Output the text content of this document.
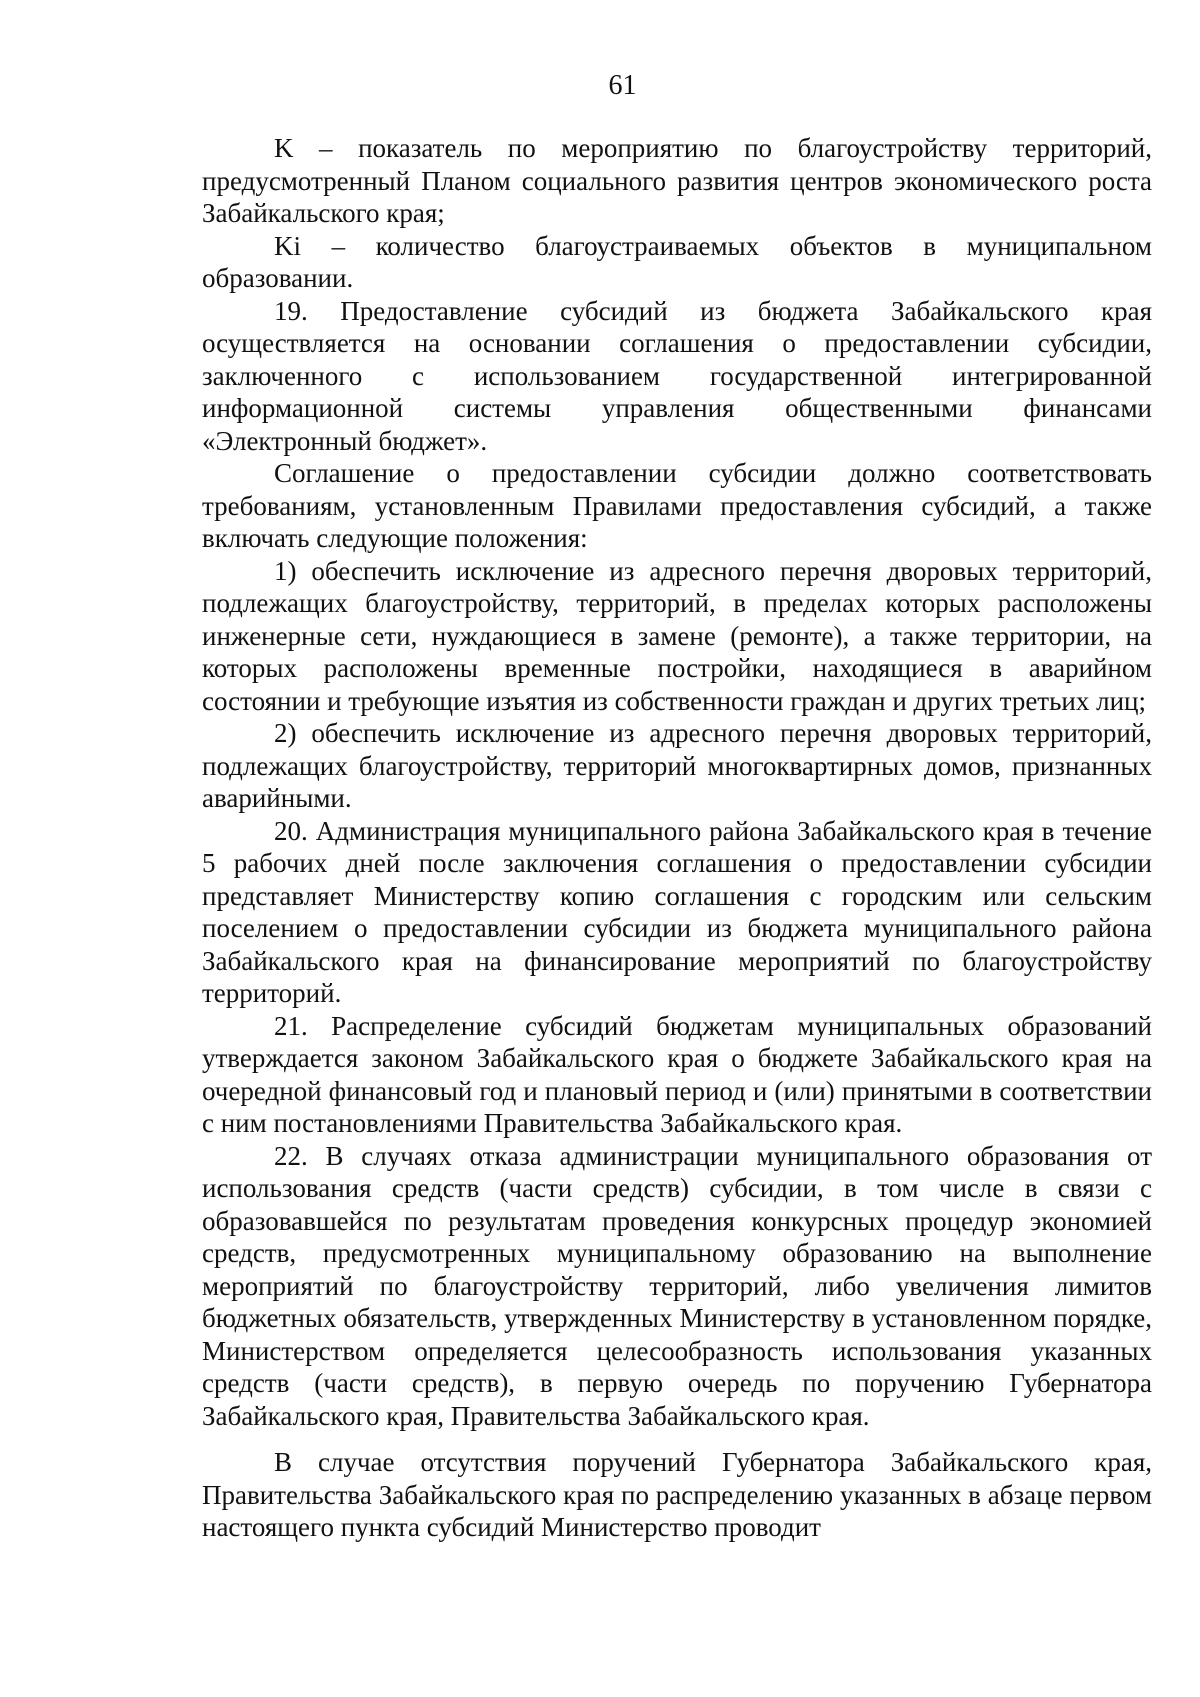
61

K – показатель по мероприятию по благоустройству территорий, предусмотренный Планом социального развития центров экономического роста Забайкальского края;

Ki – количество благоустраиваемых объектов в муниципальном образовании.

19. Предоставление субсидий из бюджета Забайкальского края осуществляется на основании соглашения о предоставлении субсидии, заключенного с использованием государственной интегрированной информационной системы управления общественными финансами «Электронный бюджет».

Соглашение о предоставлении субсидии должно соответствовать требованиям, установленным Правилами предоставления субсидий, а также включать следующие положения:

1) обеспечить исключение из адресного перечня дворовых территорий, подлежащих благоустройству, территорий, в пределах которых расположены инженерные сети, нуждающиеся в замене (ремонте), а также территории, на которых расположены временные постройки, находящиеся в аварийном состоянии и требующие изъятия из собственности граждан и других третьих лиц;

2) обеспечить исключение из адресного перечня дворовых территорий, подлежащих благоустройству, территорий многоквартирных домов, признанных аварийными.

20. Администрация муниципального района Забайкальского края в течение 5 рабочих дней после заключения соглашения о предоставлении субсидии представляет Министерству копию соглашения с городским или сельским поселением о предоставлении субсидии из бюджета муниципального района Забайкальского края на финансирование мероприятий по благоустройству территорий.

21. Распределение субсидий бюджетам муниципальных образований утверждается законом Забайкальского края о бюджете Забайкальского края на очередной финансовый год и плановый период и (или) принятыми в соответствии с ним постановлениями Правительства Забайкальского края.

22. В случаях отказа администрации муниципального образования от использования средств (части средств) субсидии, в том числе в связи с образовавшейся по результатам проведения конкурсных процедур экономией средств, предусмотренных муниципальному образованию на выполнение мероприятий по благоустройству территорий, либо увеличения лимитов бюджетных обязательств, утвержденных Министерству в установленном порядке, Министерством определяется целесообразность использования указанных средств (части средств), в первую очередь по поручению Губернатора Забайкальского края, Правительства Забайкальского края.

В случае отсутствия поручений Губернатора Забайкальского края, Правительства Забайкальского края по распределению указанных в абзаце первом настоящего пункта субсидий Министерство проводит
